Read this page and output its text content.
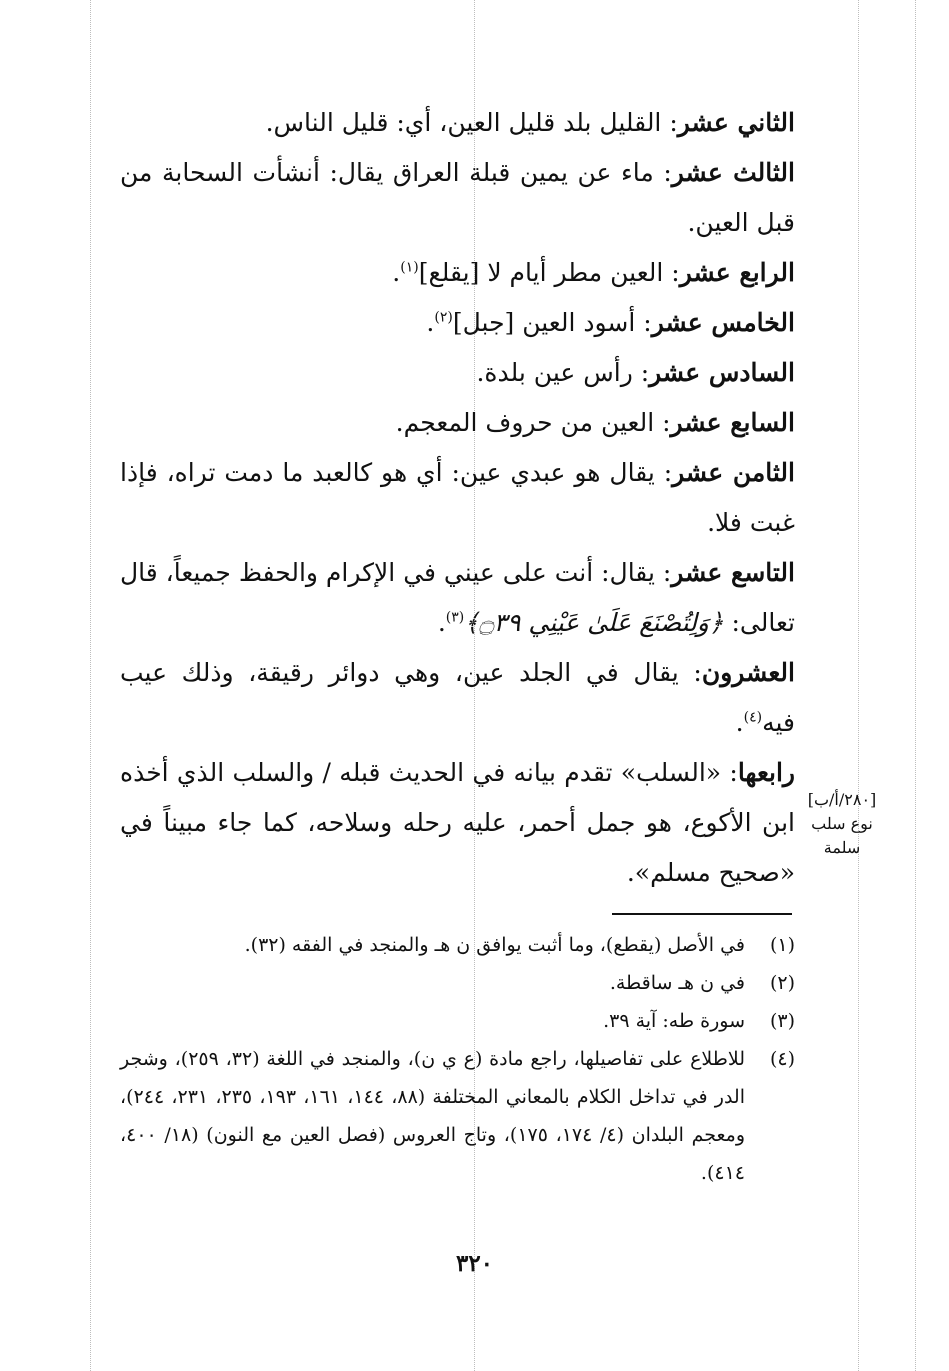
الثاني عشر: القليل بلد قليل العين، أي: قليل الناس.

الثالث عشر: ماء عن يمين قبلة العراق يقال: أنشأت السحابة من قبل العين.

الرابع عشر: العين مطر أيام لا [يقلع]$^{(١)}$.

الخامس عشر: أسود العين [جبل]$^{(٢)}$.

السادس عشر: رأس عين بلدة.

السابع عشر: العين من حروف المعجم.

الثامن عشر: يقال هو عبدي عين: أي هو كالعبد ما دمت تراه، فإذا غبت فلا.

التاسع عشر: يقال: أنت على عيني في الإكرام والحفظ جميعاً، قال تعالى: ﴿وَلِتُصْنَعَ عَلَىٰ عَيْنِي ۝٣٩﴾$^{(٣)}$.

العشرون: يقال في الجلد عين، وهي دوائر رقيقة، وذلك عيب فيه$^{(٤)}$.

رابعها: «السلب» تقدم بيانه في الحديث قبله / والسلب الذي أخذه ابن الأكوع، هو جمل أحمر، عليه رحله وسلاحه، كما جاء مبيناً في «صحيح مسلم».

[٢٨٠/أ/ب]
نوع سلب سلمة
(١)
في الأصل (يقطع)، وما أثبت يوافق ن هـ والمنجد في الفقه (٣٢).
(٢)
في ن هـ ساقطة.
(٣)
سورة طه: آية ٣٩.
(٤)
للاطلاع على تفاصيلها، راجع مادة (ع ي ن)، والمنجد في اللغة (٣٢، ٢٥٩)، وشجر الدر في تداخل الكلام بالمعاني المختلفة (٨٨، ١٤٤، ١٦١، ١٩٣، ٢٣٥، ٢٣١، ٢٤٤)، ومعجم البلدان (٤/ ١٧٤، ١٧٥)، وتاج العروس (فصل العين مع النون) (١٨/ ٤٠٠، ٤١٤).
٣٢٠
